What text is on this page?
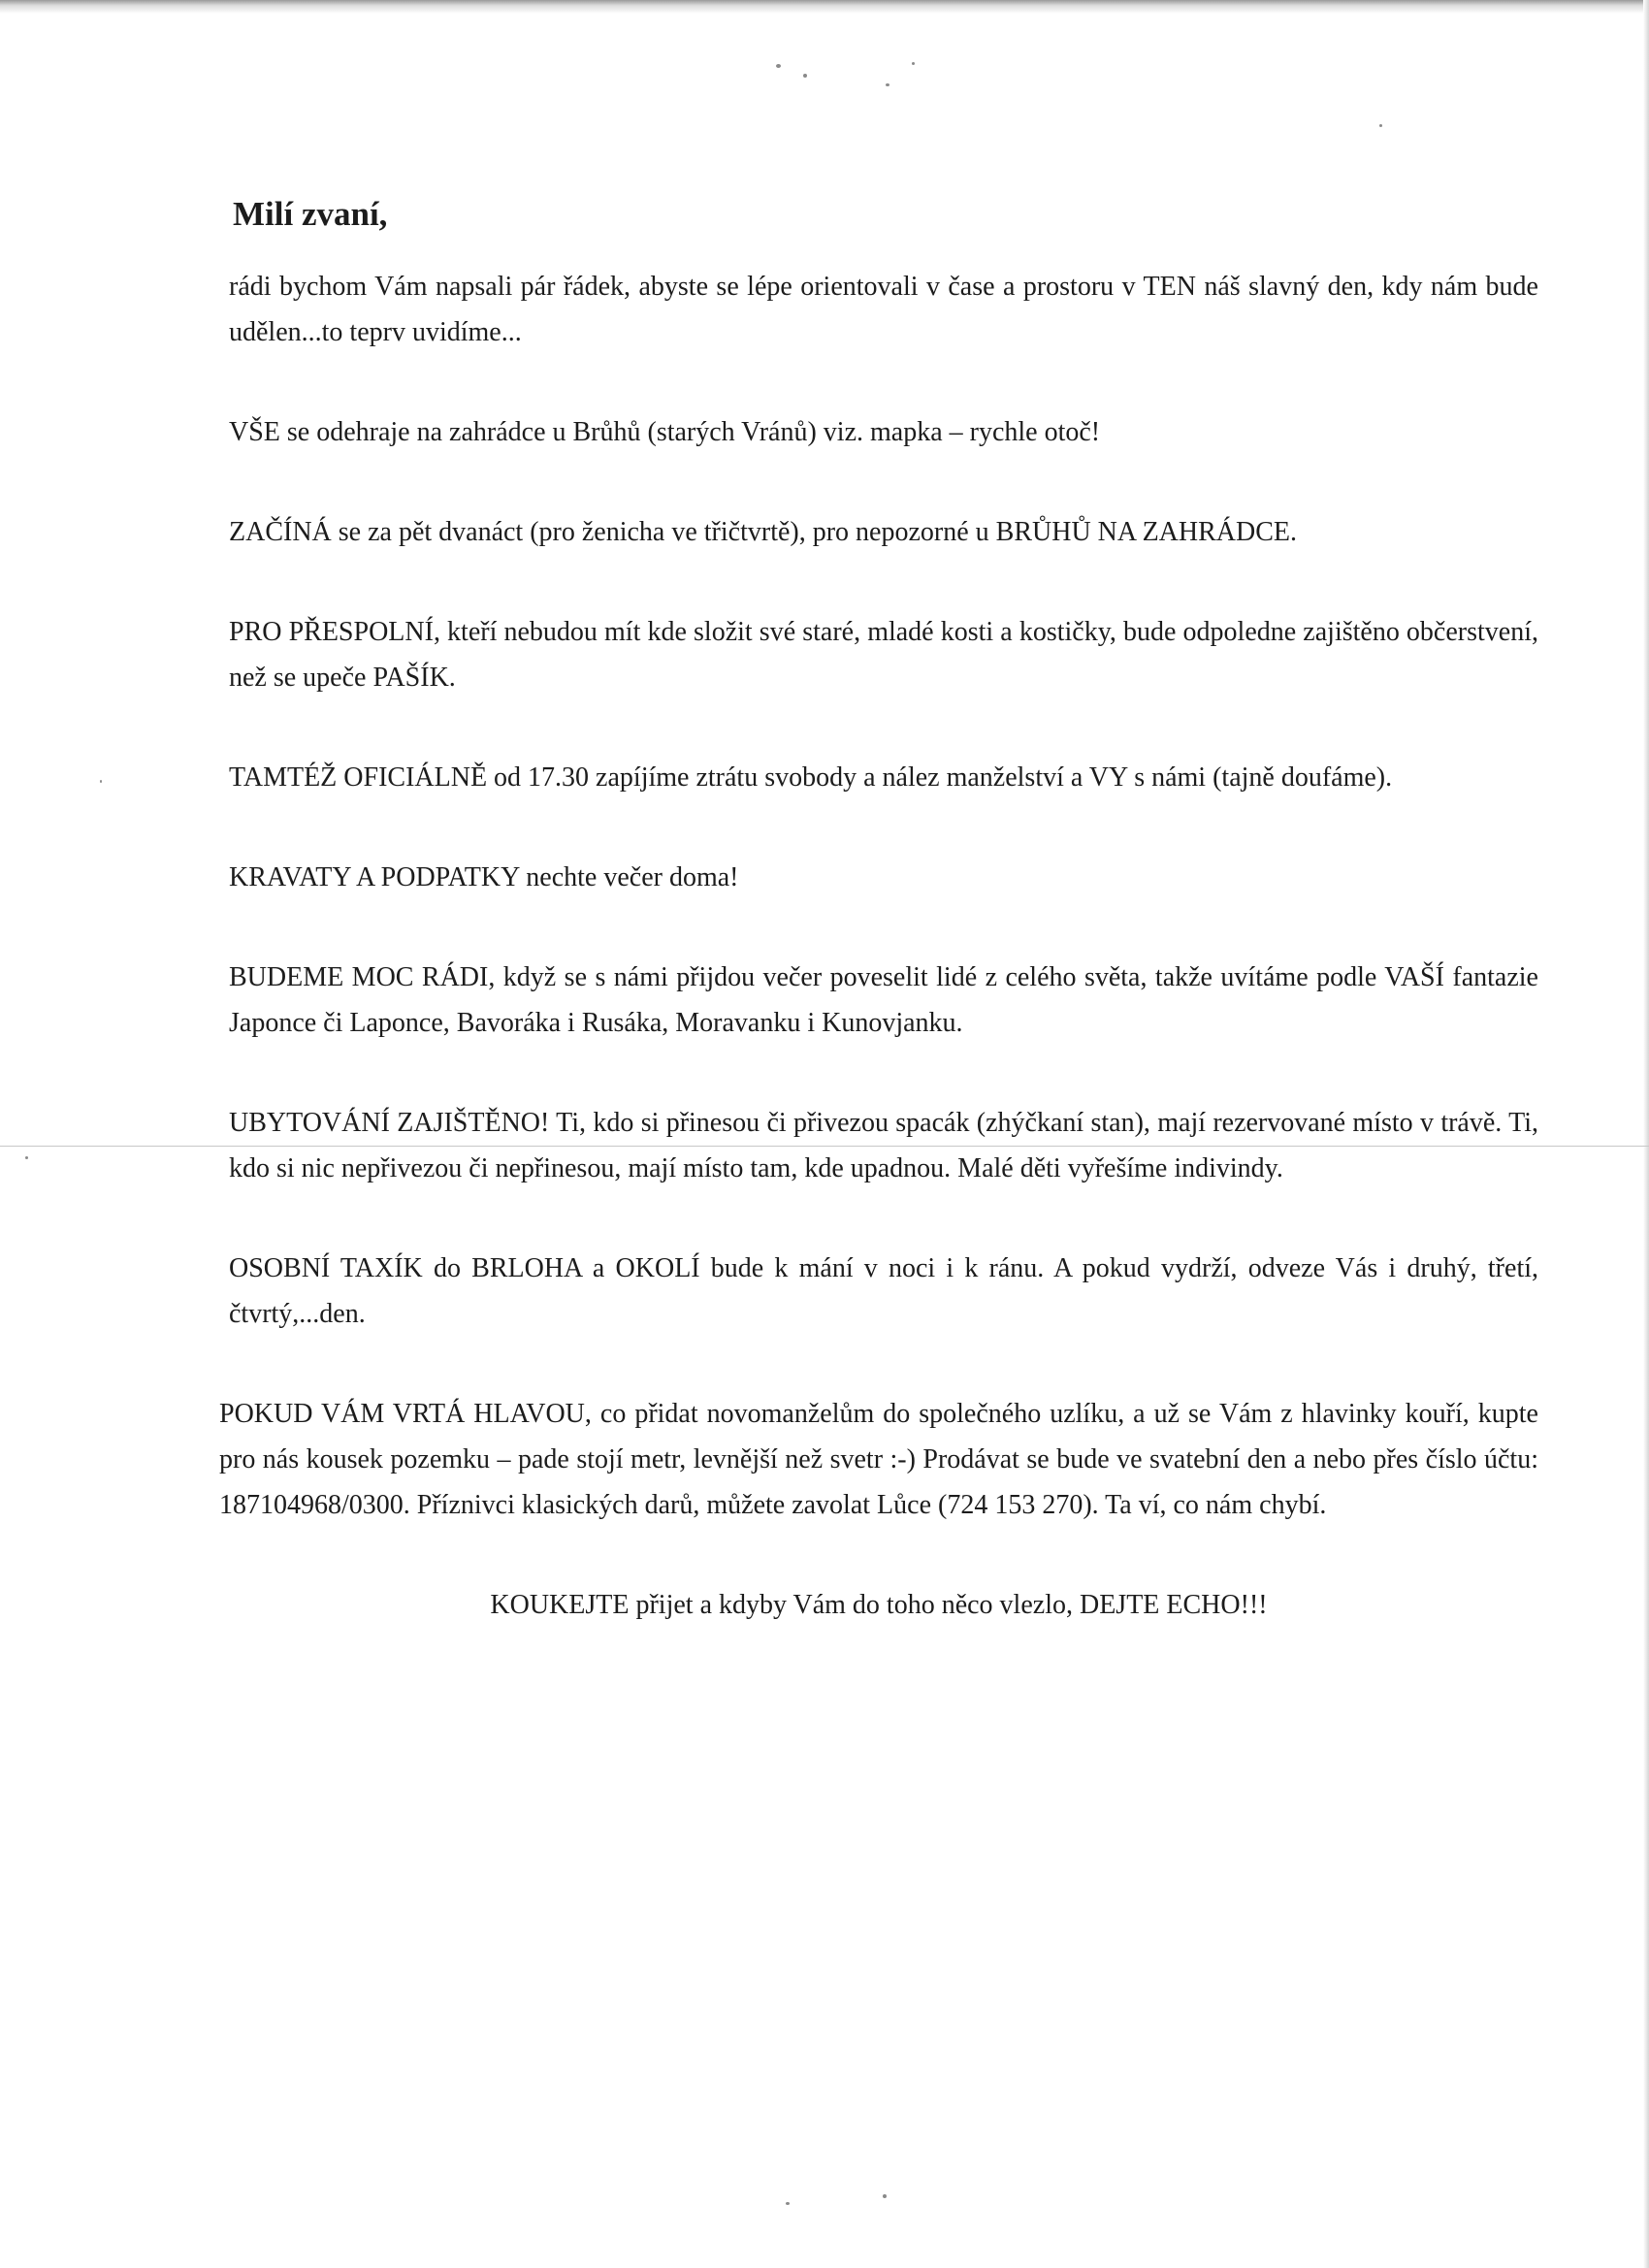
Milí zvaní,

rádi bychom Vám napsali pár řádek, abyste se lépe orientovali v čase a prostoru v TEN náš slavný den, kdy nám bude udělen...to teprv uvidíme...

VŠE se odehraje na zahrádce u Brůhů (starých Vránů) viz. mapka – rychle otoč!

ZAČÍNÁ se za pět dvanáct (pro ženicha ve třičtvrtě), pro nepozorné u BRŮHŮ NA ZAHRÁDCE.

PRO PŘESPOLNÍ, kteří nebudou mít kde složit své staré, mladé kosti a kostičky, bude odpoledne zajištěno občerstvení, než se upeče PAŠÍK.

TAMTÉŽ OFICIÁLNĚ od 17.30 zapíjíme ztrátu svobody a nález manželství a VY s námi (tajně doufáme).

KRAVATY A PODPATKY nechte večer doma!

BUDEME MOC RÁDI, když se s námi přijdou večer poveselit lidé z celého světa, takže uvítáme podle VAŠÍ fantazie Japonce či Laponce, Bavoráka i Rusáka, Moravanku i Kunovjanku.

UBYTOVÁNÍ ZAJIŠTĚNO! Ti, kdo si přinesou či přivezou spacák (zhýčkaní stan), mají rezervované místo v trávě. Ti, kdo si nic nepřivezou či nepřinesou, mají místo tam, kde upadnou. Malé děti vyřešíme indivindy.

OSOBNÍ TAXÍK do BRLOHA a OKOLÍ bude k mání v noci i k ránu. A pokud vydrží, odveze Vás i druhý, třetí, čtvrtý,...den.

POKUD VÁM VRTÁ HLAVOU, co přidat novomanželům do společného uzlíku, a už se Vám z hlavinky kouří, kupte pro nás kousek pozemku – pade stojí metr, levnější než svetr :-) Prodávat se bude ve svatební den a nebo přes číslo účtu: 187104968/0300. Příznivci klasických darů, můžete zavolat Lůce (724 153 270). Ta ví, co nám chybí.

KOUKEJTE přijet a kdyby Vám do toho něco vlezlo, DEJTE ECHO!!!
